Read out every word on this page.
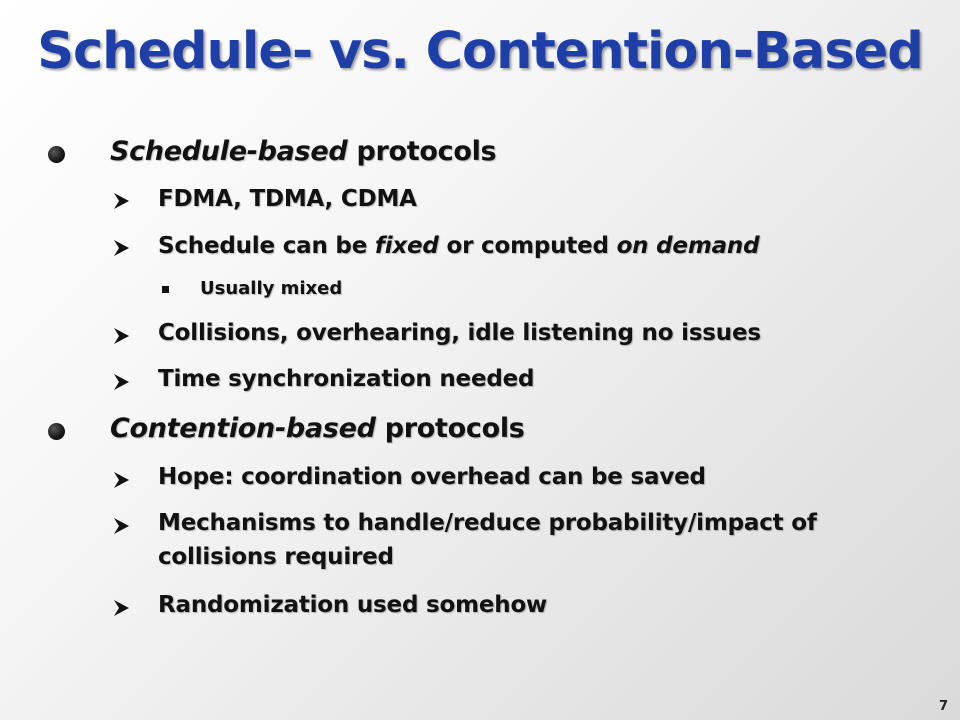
Schedule- vs. Contention-Based
Schedule-based protocols
FDMA, TDMA, CDMA
Schedule can be fixed or computed on demand
Usually mixed
Collisions, overhearing, idle listening no issues
Time synchronization needed
Contention-based protocols
Hope: coordination overhead can be saved
Mechanisms to handle/reduce probability/impact of
collisions required
Randomization used somehow
7
